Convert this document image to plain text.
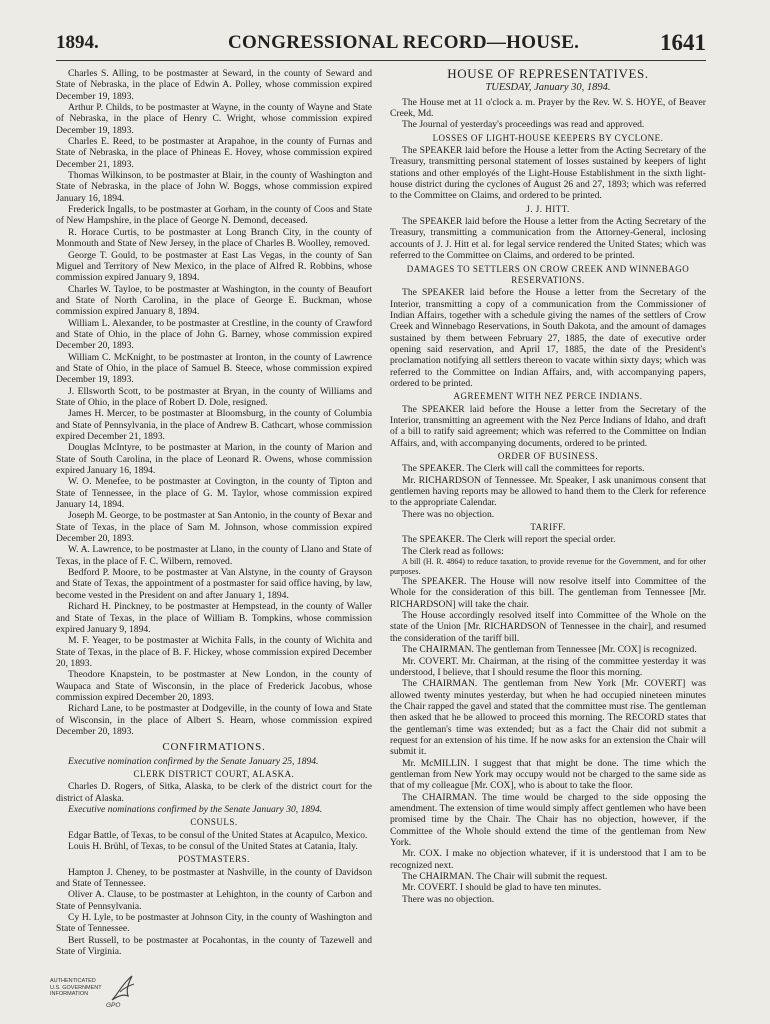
1894.	CONGRESSIONAL RECORD—HOUSE.	1641

Charles S. Alling, to be postmaster at Seward, in the county of Seward and State of Nebraska, in the place of Edwin A. Polley, whose commission expired December 19, 1893.

Arthur P. Childs, to be postmaster at Wayne, in the county of Wayne and State of Nebraska, in the place of Henry C. Wright, whose commission expired December 19, 1893.

Charles E. Reed, to be postmaster at Arapahoe, in the county of Furnas and State of Nebraska, in the place of Phineas E. Hovey, whose commission expired December 21, 1893.

Thomas Wilkinson, to be postmaster at Blair, in the county of Washington and State of Nebraska, in the place of John W. Boggs, whose commission expired January 16, 1894.

Frederick Ingalls, to be postmaster at Gorham, in the county of Coos and State of New Hampshire, in the place of George N. Demond, deceased.

R. Horace Curtis, to be postmaster at Long Branch City, in the county of Monmouth and State of New Jersey, in the place of Charles B. Woolley, removed.

George T. Gould, to be postmaster at East Las Vegas, in the county of San Miguel and Territory of New Mexico, in the place of Alfred R. Robbins, whose commission expired January 9, 1894.

Charles W. Tayloe, to be postmaster at Washington, in the county of Beaufort and State of North Carolina, in the place of George E. Buckman, whose commission expired January 8, 1894.

William L. Alexander, to be postmaster at Crestline, in the county of Crawford and State of Ohio, in the place of John G. Barney, whose commission expired December 20, 1893.

William C. McKnight, to be postmaster at Ironton, in the county of Lawrence and State of Ohio, in the place of Samuel B. Steece, whose commission expired December 19, 1893.

J. Ellsworth Scott, to be postmaster at Bryan, in the county of Williams and State of Ohio, in the place of Robert D. Dole, resigned.

James H. Mercer, to be postmaster at Bloomsburg, in the county of Columbia and State of Pennsylvania, in the place of Andrew B. Cathcart, whose commission expired December 21, 1893.

Douglas McIntyre, to be postmaster at Marion, in the county of Marion and State of South Carolina, in the place of Leonard R. Owens, whose commission expired January 16, 1894.

W. O. Menefee, to be postmaster at Covington, in the county of Tipton and State of Tennessee, in the place of G. M. Taylor, whose commission expired January 14, 1894.

Joseph M. George, to be postmaster at San Antonio, in the county of Bexar and State of Texas, in the place of Sam M. Johnson, whose commission expired December 20, 1893.

W. A. Lawrence, to be postmaster at Llano, in the county of Llano and State of Texas, in the place of F. C. Wilbern, removed.

Bedford P. Moore, to be postmaster at Van Alstyne, in the county of Grayson and State of Texas, the appointment of a postmaster for said office having, by law, become vested in the President on and after January 1, 1894.

Richard H. Pinckney, to be postmaster at Hempstead, in the county of Waller and State of Texas, in the place of William B. Tompkins, whose commission expired January 9, 1894.

M. F. Yeager, to be postmaster at Wichita Falls, in the county of Wichita and State of Texas, in the place of B. F. Hickey, whose commission expired December 20, 1893.

Theodore Knapstein, to be postmaster at New London, in the county of Waupaca and State of Wisconsin, in the place of Frederick Jacobus, whose commission expired December 20, 1893.

Richard Lane, to be postmaster at Dodgeville, in the county of Iowa and State of Wisconsin, in the place of Albert S. Hearn, whose commission expired December 20, 1893.

CONFIRMATIONS.

Executive nomination confirmed by the Senate January 25, 1894.

CLERK DISTRICT COURT, ALASKA.

Charles D. Rogers, of Sitka, Alaska, to be clerk of the district court for the district of Alaska.

Executive nominations confirmed by the Senate January 30, 1894.

CONSULS.

Edgar Battle, of Texas, to be consul of the United States at Acapulco, Mexico.

Louis H. Brühl, of Texas, to be consul of the United States at Catania, Italy.

POSTMASTERS.

Hampton J. Cheney, to be postmaster at Nashville, in the county of Davidson and State of Tennessee.

Oliver A. Clause, to be postmaster at Lehighton, in the county of Carbon and State of Pennsylvania.

Cy H. Lyle, to be postmaster at Johnson City, in the county of Washington and State of Tennessee.

Bert Russell, to be postmaster at Pocahontas, in the county of Tazewell and State of Virginia.

HOUSE OF REPRESENTATIVES.
TUESDAY, January 30, 1894.

The House met at 11 o'clock a. m. Prayer by the Rev. W. S. HOYE, of Beaver Creek, Md.

The Journal of yesterday's proceedings was read and approved.

LOSSES OF LIGHT-HOUSE KEEPERS BY CYCLONE.

The SPEAKER laid before the House a letter from the Acting Secretary of the Treasury, transmitting personal statement of losses sustained by keepers of light stations and other employés of the Light-House Establishment in the sixth light-house district during the cyclones of August 26 and 27, 1893; which was referred to the Committee on Claims, and ordered to be printed.

J. J. HITT.

The SPEAKER laid before the House a letter from the Acting Secretary of the Treasury, transmitting a communication from the Attorney-General, inclosing accounts of J. J. Hitt et al. for legal service rendered the United States; which was referred to the Committee on Claims, and ordered to be printed.

DAMAGES TO SETTLERS ON CROW CREEK AND WINNEBAGO RESERVATIONS.

The SPEAKER laid before the House a letter from the Secretary of the Interior, transmitting a copy of a communication from the Commissioner of Indian Affairs, together with a schedule giving the names of the settlers of Crow Creek and Winnebago Reservations, in South Dakota, and the amount of damages sustained by them between February 27, 1885, the date of executive order opening said reservation, and April 17, 1885, the date of the President's proclamation notifying all settlers thereon to vacate within sixty days; which was referred to the Committee on Indian Affairs, and, with accompanying papers, ordered to be printed.

AGREEMENT WITH NEZ PERCE INDIANS.

The SPEAKER laid before the House a letter from the Secretary of the Interior, transmitting an agreement with the Nez Perce Indians of Idaho, and draft of a bill to ratify said agreement; which was referred to the Committee on Indian Affairs, and, with accompanying documents, ordered to be printed.

ORDER OF BUSINESS.

The SPEAKER. The Clerk will call the committees for reports.

Mr. RICHARDSON of Tennessee. Mr. Speaker, I ask unanimous consent that gentlemen having reports may be allowed to hand them to the Clerk for reference to the appropriate Calendar.

There was no objection.

TARIFF.

The SPEAKER. The Clerk will report the special order.

The Clerk read as follows:

A bill (H. R. 4864) to reduce taxation, to provide revenue for the Government, and for other purposes.

The SPEAKER. The House will now resolve itself into Committee of the Whole for the consideration of this bill. The gentleman from Tennessee [Mr. RICHARDSON] will take the chair.

The House accordingly resolved itself into Committee of the Whole on the state of the Union [Mr. RICHARDSON of Tennessee in the chair], and resumed the consideration of the tariff bill.

The CHAIRMAN. The gentleman from Tennessee [Mr. COX] is recognized.

Mr. COVERT. Mr. Chairman, at the rising of the committee yesterday it was understood, I believe, that I should resume the floor this morning.

The CHAIRMAN. The gentleman from New York [Mr. COVERT] was allowed twenty minutes yesterday, but when he had occupied nineteen minutes the Chair rapped the gavel and stated that the committee must rise. The gentleman then asked that he be allowed to proceed this morning. The RECORD states that the gentleman's time was extended; but as a fact the Chair did not submit a request for an extension of his time. If he now asks for an extension the Chair will submit it.

Mr. McMILLIN. I suggest that that might be done. The time which the gentleman from New York may occupy would not be charged to the same side as that of my colleague [Mr. COX], who is about to take the floor.

The CHAIRMAN. The time would be charged to the side opposing the amendment. The extension of time would simply affect gentlemen who have been promised time by the Chair. The Chair has no objection, however, if the Committee of the Whole should extend the time of the gentleman from New York.

Mr. COX. I make no objection whatever, if it is understood that I am to be recognized next.

The CHAIRMAN. The Chair will submit the request.

Mr. COVERT. I should be glad to have ten minutes.

There was no objection.

AUTHENTICATED
U.S. GOVERNMENT
INFORMATION
GPO
